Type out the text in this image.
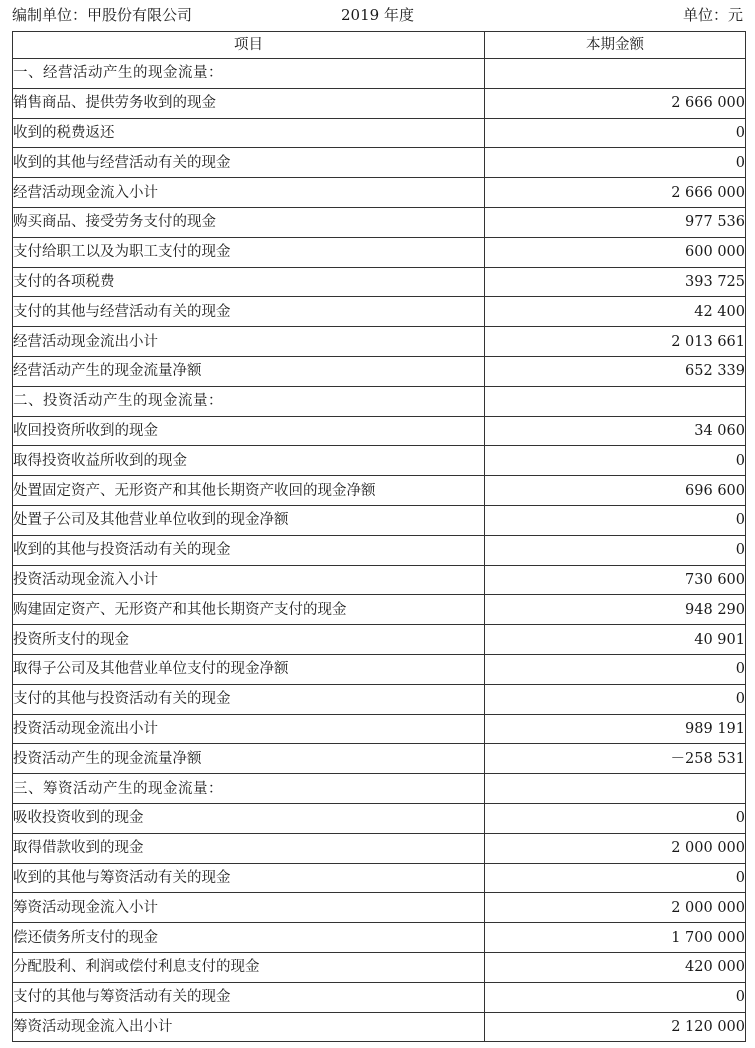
编制单位：甲股份有限公司	2019 年度	单位：元
项目	本期金额
一、经营活动产生的现金流量：	
销售商品、提供劳务收到的现金	2 666 000
收到的税费返还	0
收到的其他与经营活动有关的现金	0
经营活动现金流入小计	2 666 000
购买商品、接受劳务支付的现金	977 536
支付给职工以及为职工支付的现金	600 000
支付的各项税费	393 725
支付的其他与经营活动有关的现金	42 400
经营活动现金流出小计	2 013 661
经营活动产生的现金流量净额	652 339
二、投资活动产生的现金流量：	
收回投资所收到的现金	34 060
取得投资收益所收到的现金	0
处置固定资产、无形资产和其他长期资产收回的现金净额	696 600
处置子公司及其他营业单位收到的现金净额	0
收到的其他与投资活动有关的现金	0
投资活动现金流入小计	730 600
购建固定资产、无形资产和其他长期资产支付的现金	948 290
投资所支付的现金	40 901
取得子公司及其他营业单位支付的现金净额	0
支付的其他与投资活动有关的现金	0
投资活动现金流出小计	989 191
投资活动产生的现金流量净额	－258 531
三、筹资活动产生的现金流量：	
吸收投资收到的现金	0
取得借款收到的现金	2 000 000
收到的其他与筹资活动有关的现金	0
筹资活动现金流入小计	2 000 000
偿还债务所支付的现金	1 700 000
分配股利、利润或偿付利息支付的现金	420 000
支付的其他与筹资活动有关的现金	0
筹资活动现金流入出小计	2 120 000
